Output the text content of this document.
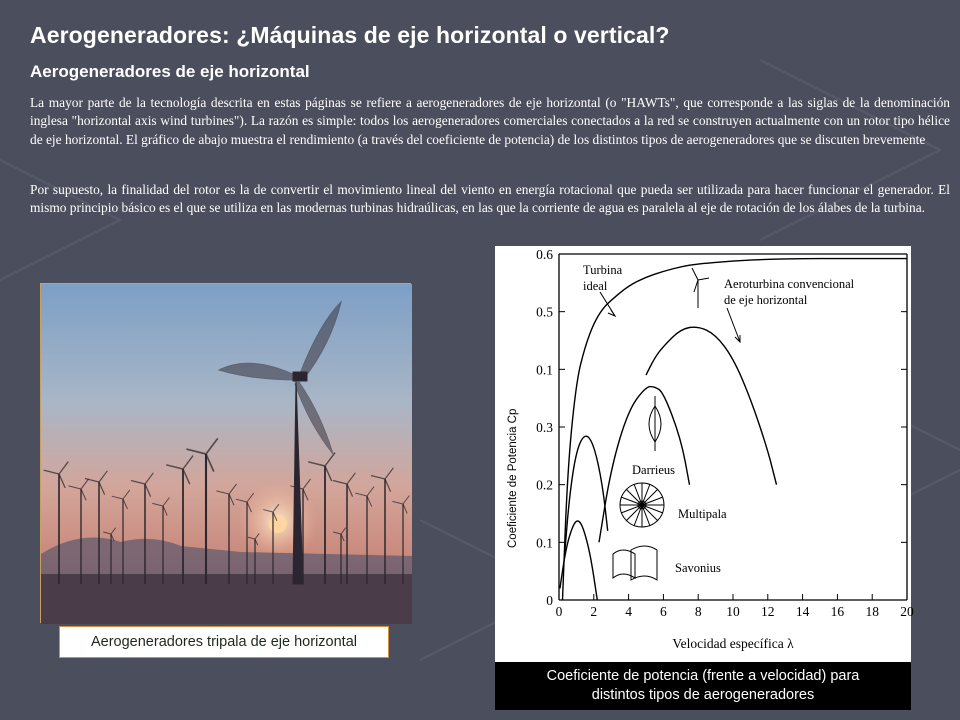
Aerogeneradores: ¿Máquinas de eje horizontal o vertical?
Aerogeneradores de eje horizontal

La mayor parte de la tecnología descrita en estas páginas se refiere a aerogeneradores de eje horizontal (o "HAWTs", que corresponde a las siglas de la denominación inglesa "horizontal axis wind turbines"). La razón es simple: todos los aerogeneradores comerciales conectados a la red se construyen actualmente con un rotor tipo hélice de eje horizontal. El gráfico de abajo muestra el rendimiento (a través del coeficiente de potencia) de los distintos tipos de aerogeneradores que se discuten brevemente

Por supuesto, la finalidad del rotor es la de convertir el movimiento lineal del viento en energía rotacional que pueda ser utilizada para hacer funcionar el generador. El mismo principio básico es el que se utiliza en las modernas turbinas hidraúlicas, en las que la corriente de agua es paralela al eje de rotación de los álabes de la turbina.

Aerogeneradores tripala de eje horizontal
0 2 4 6 8 10 12 14 16 18 20
0
0.1
0.2
0.3
0.1
0.5
0.6
Turbina
ideal	Aeroturbina convencional
de eje horizontal
Darrieus
Multipala
Savonius
Coeficiente de Potencia Cp
Velocidad específica λ
Coeficiente de potencia (frente a velocidad) para
distintos tipos de aerogeneradores
